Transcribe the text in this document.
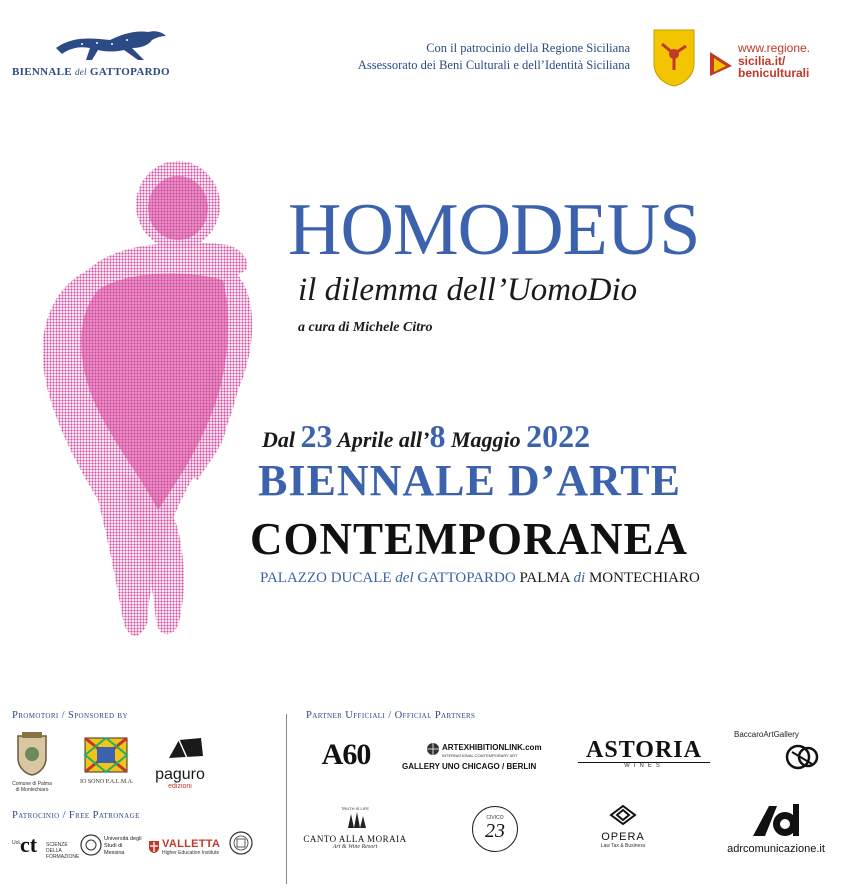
BIENNALE del GATTOPARDO
Con il patrocinio della Regione Siciliana
Assessorato dei Beni Culturali e dell’Identità Siciliana
www.regione.
sicilia.it/
beniculturali
HOMODEUS
il dilemma dell’UomoDio
a cura di Michele Citro
Dal 23 Aprile all’8 Maggio 2022
BIENNALE D’ARTE
CONTEMPORANEA
PALAZZO DUCALE del GATTOPARDO PALMA di MONTECHIARO
Promotori / Sponsored by
Patrocinio / Free Patronage
Partner Ufficiali / Official Partners
Comune di Palma di Montechiaro
IO SONO P.A.L.M.A.	paguro
edizioni
UoL
ct SCIENZE DELLA FORMAZIONE
Università degli Studi di Messina
VALLETTA
Higher Education Institute
A60	ARTEXHIBITIONLINK.com
INTERNATIONAL CONTEMPORARY ART
GALLERY UNO CHICAGO / BERLIN
ASTORIA
WINES
BaccaroArtGallery
TRUTH IS LIFE
CANTO ALLA MORAIA
Art & Wine Resort
CIVICO
23	OPERA
Law Tax & Business	adrcomunicazione.it
